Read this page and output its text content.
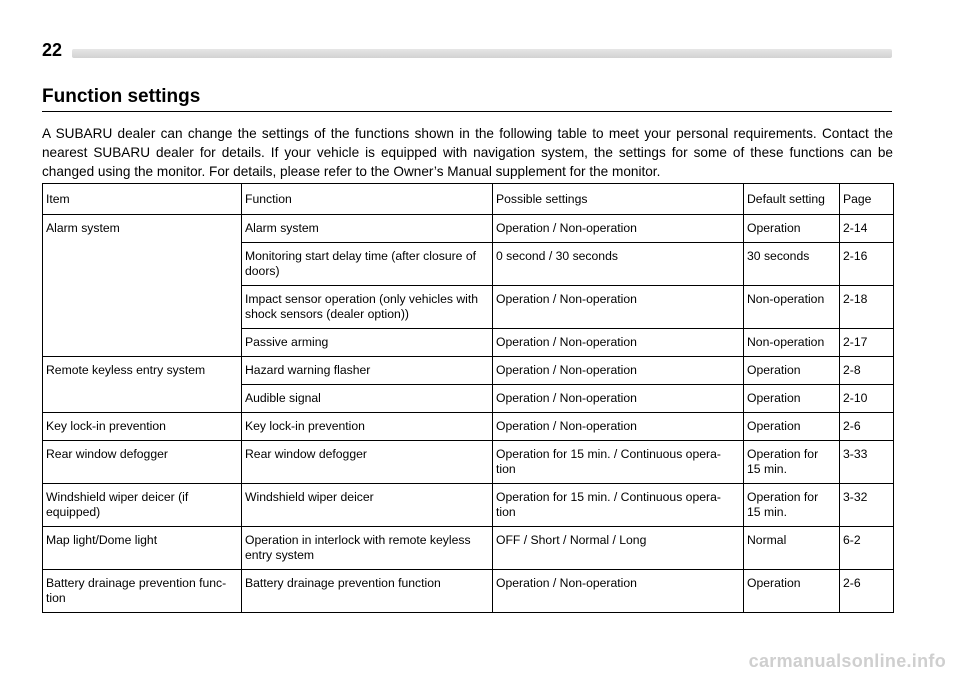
22
Function settings
A SUBARU dealer can change the settings of the functions shown in the following table to meet your personal requirements. Contact the nearest SUBARU dealer for details. If your vehicle is equipped with navigation system, the settings for some of these functions can be changed using the monitor. For details, please refer to the Owner’s Manual supplement for the monitor.
Item	Function	Possible settings	Default setting	Page
Alarm system	Alarm system	Operation / Non-operation	Operation	2-14
	Monitoring start delay time (after closure of doors)	0 second / 30 seconds	30 seconds	2-16
	Impact sensor operation (only vehicles with shock sensors (dealer option))	Operation / Non-operation	Non-operation	2-18
	Passive arming	Operation / Non-operation	Non-operation	2-17
Remote keyless entry system	Hazard warning flasher	Operation / Non-operation	Operation	2-8
	Audible signal	Operation / Non-operation	Operation	2-10
Key lock-in prevention	Key lock-in prevention	Operation / Non-operation	Operation	2-6
Rear window defogger	Rear window defogger	Operation for 15 min. / Continuous opera-tion	Operation for 15 min.	3-33
Windshield wiper deicer (if equipped)	Windshield wiper deicer	Operation for 15 min. / Continuous opera-tion	Operation for 15 min.	3-32
Map light/Dome light	Operation in interlock with remote keyless entry system	OFF / Short / Normal / Long	Normal	6-2
Battery drainage prevention func-tion	Battery drainage prevention function	Operation / Non-operation	Operation	2-6
carmanualsonline.info
